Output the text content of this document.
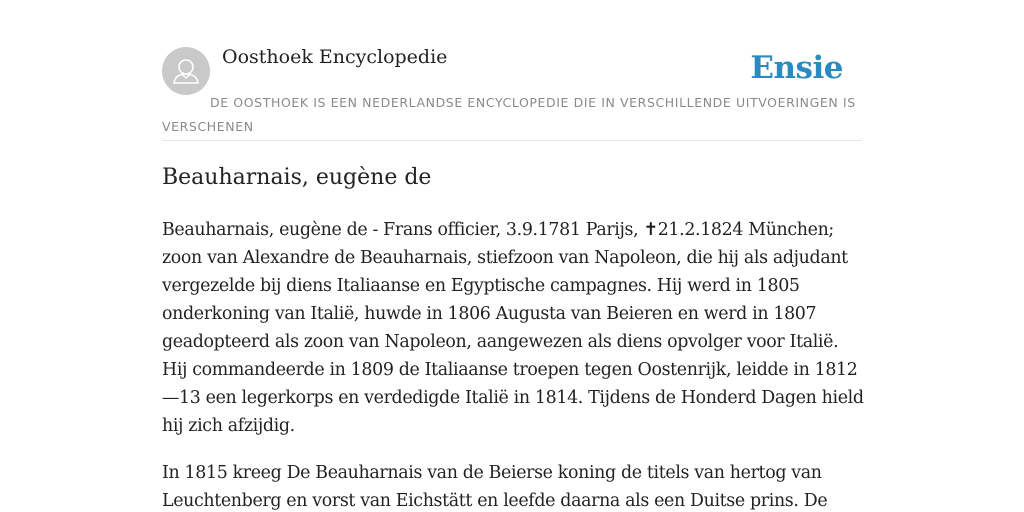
Oosthoek Encyclopedie	Ensie
DE OOSTHOEK IS EEN NEDERLANDSE ENCYCLOPEDIE DIE IN VERSCHILLENDE UITVOERINGEN IS VERSCHENEN
Beauharnais, eugène de

Beauharnais, eugène de - Frans officier, 3.9.1781 Parijs, ✝21.2.1824 München; zoon van Alexandre de Beauharnais, stiefzoon van Napoleon, die hij als adjudant vergezelde bij diens Italiaanse en Egyptische campagnes. Hij werd in 1805 onderkoning van Italië, huwde in 1806 Augusta van Beieren en werd in 1807 geadopteerd als zoon van Napoleon, aangewezen als diens opvolger voor Italië. Hij commandeerde in 1809 de Italiaanse troepen tegen Oostenrijk, leidde in 1812—13 een legerkorps en verdedigde Italië in 1814. Tijdens de Honderd Dagen hield hij zich afzijdig.

In 1815 kreeg De Beauharnais van de Beierse koning de titels van hertog van Leuchtenberg en vorst van Eichstätt en leefde daarna als een Duitse prins. De
